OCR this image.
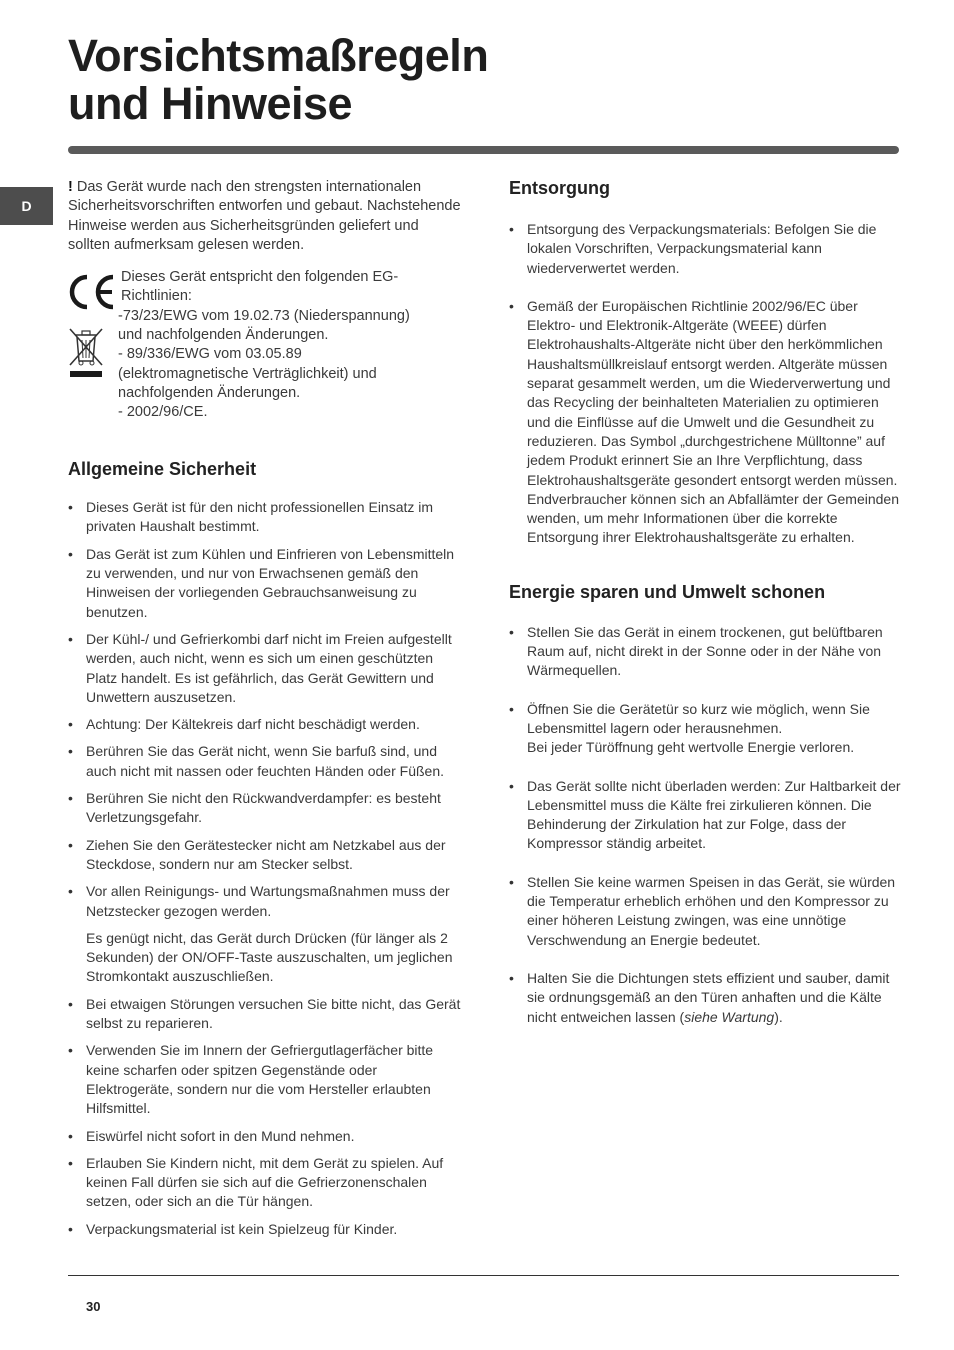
Vorsichtsmaßregeln
und Hinweise
D

! Das Gerät wurde nach den strengsten internationalen Sicherheitsvorschriften entworfen und gebaut. Nachstehende Hinweise werden aus Sicherheitsgründen geliefert und sollten aufmerksam gelesen werden.

Dieses Gerät entspricht den folgenden EG-
Richtlinien:
-73/23/EWG vom 19.02.73 (Niederspannung)
und nachfolgenden Änderungen.
- 89/336/EWG vom 03.05.89
(elektromagnetische Verträglichkeit) und
nachfolgenden Änderungen.
- 2002/96/CE.
Allgemeine Sicherheit
• Dieses Gerät ist für den nicht professionellen Einsatz im privaten Haushalt bestimmt.
• Das Gerät ist zum Kühlen und Einfrieren von Lebensmitteln zu verwenden, und nur von Erwachsenen gemäß den Hinweisen der vorliegenden Gebrauchsanweisung zu benutzen.
• Der Kühl-/ und Gefrierkombi darf nicht im Freien aufgestellt werden, auch nicht, wenn es sich um einen geschützten Platz handelt. Es ist gefährlich, das Gerät Gewittern und Unwettern auszusetzen.
• Achtung: Der Kältekreis darf nicht beschädigt werden.
• Berühren Sie das Gerät nicht, wenn Sie barfuß sind, und auch nicht mit nassen oder feuchten Händen oder Füßen.
• Berühren Sie nicht den Rückwandverdampfer: es besteht Verletzungsgefahr.
• Ziehen Sie den Gerätestecker nicht am Netzkabel aus der Steckdose, sondern nur am Stecker selbst.
• Vor allen Reinigungs- und Wartungsmaßnahmen muss der Netzstecker gezogen werden.

Es genügt nicht, das Gerät durch Drücken (für länger als 2 Sekunden) der ON/OFF-Taste auszuschalten, um jeglichen Stromkontakt auszuschließen.

• Bei etwaigen Störungen versuchen Sie bitte nicht, das Gerät selbst zu reparieren.
• Verwenden Sie im Innern der Gefriergutlagerfächer bitte keine scharfen oder spitzen Gegenstände oder Elektrogeräte, sondern nur die vom Hersteller erlaubten Hilfsmittel.
• Eiswürfel nicht sofort in den Mund nehmen.
• Erlauben Sie Kindern nicht, mit dem Gerät zu spielen. Auf keinen Fall dürfen sie sich auf die Gefrierzonenschalen setzen, oder sich an die Tür hängen.
• Verpackungsmaterial ist kein Spielzeug für Kinder.
Entsorgung
• Entsorgung des Verpackungsmaterials: Befolgen Sie die lokalen Vorschriften, Verpackungsmaterial kann wiederverwertet werden.
• Gemäß der Europäischen Richtlinie 2002/96/EC über Elektro- und Elektronik-Altgeräte (WEEE) dürfen Elektrohaushalts-Altgeräte nicht über den herkömmlichen Haushaltsmüllkreislauf entsorgt werden. Altgeräte müssen separat gesammelt werden, um die Wiederverwertung und das Recycling der beinhalteten Materialien zu optimieren und die Einflüsse auf die Umwelt und die Gesundheit zu reduzieren. Das Symbol „durchgestrichene Mülltonne” auf jedem Produkt erinnert Sie an Ihre Verpflichtung, dass Elektrohaushaltsgeräte gesondert entsorgt werden müssen.
Endverbraucher können sich an Abfallämter der Gemeinden wenden, um mehr Informationen über die korrekte Entsorgung ihrer Elektrohaushaltsgeräte zu erhalten.
Energie sparen und Umwelt schonen
• Stellen Sie das Gerät in einem trockenen, gut belüftbaren Raum auf, nicht direkt in der Sonne oder in der Nähe von Wärmequellen.
• Öffnen Sie die Gerätetür so kurz wie möglich, wenn Sie Lebensmittel lagern oder herausnehmen.
Bei jeder Türöffnung geht wertvolle Energie verloren.
• Das Gerät sollte nicht überladen werden: Zur Haltbarkeit der Lebensmittel muss die Kälte frei zirkulieren können. Die Behinderung der Zirkulation hat zur Folge, dass der Kompressor ständig arbeitet.
• Stellen Sie keine warmen Speisen in das Gerät, sie würden die Temperatur erheblich erhöhen und den Kompressor zu einer höheren Leistung zwingen, was eine unnötige Verschwendung an Energie bedeutet.
• Halten Sie die Dichtungen stets effizient und sauber, damit sie ordnungsgemäß an den Türen anhaften und die Kälte nicht entweichen lassen (siehe Wartung).
30
